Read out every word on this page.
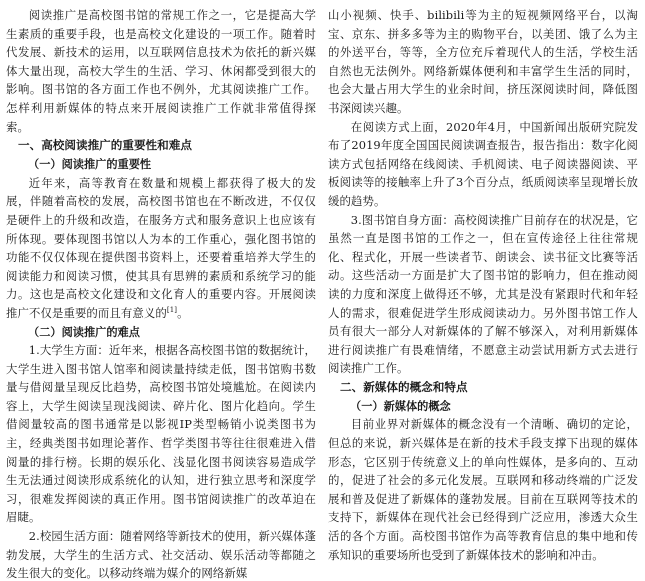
阅读推广是高校图书馆的常规工作之一，它是提高大学生素质的重要手段，也是高校文化建设的一项工作。随着时代发展、新技术的运用，以互联网信息技术为依托的新兴媒体大量出现，高校大学生的生活、学习、休闲都受到很大的影响。图书馆的各方面工作也不例外，尤其阅读推广工作。怎样利用新媒体的特点来开展阅读推广工作就非常值得探索。

一、高校阅读推广的重要性和难点
（一）阅读推广的重要性

近年来，高等教育在数量和规模上都获得了极大的发展，伴随着高校的发展，高校图书馆也在不断改进，不仅仅是硬件上的升级和改造，在服务方式和服务意识上也应该有所体现。要体现图书馆以人为本的工作重心，强化图书馆的功能不仅仅体现在提供图书资料上，还要着重培养大学生的阅读能力和阅读习惯，使其具有思辨的素质和系统学习的能力。这也是高校文化建设和文化育人的重要内容。开展阅读推广不仅是重要的而且有意义的[1]。

（二）阅读推广的难点

1.大学生方面：近年来，根据各高校图书馆的数据统计，大学生进入图书馆人馆率和阅读量持续走低，图书馆购书数量与借阅量呈现反比趋势，高校图书馆处境尴尬。在阅读内容上，大学生阅读呈现浅阅读、碎片化、图片化趋向。学生借阅量较高的图书通常是以影视IP类型畅销小说类图书为主，经典类图书如理论著作、哲学类图书等往往很难进入借阅量的排行榜。长期的娱乐化、浅显化图书阅读容易造成学生无法通过阅读形成系统化的认知，进行独立思考和深度学习，很难发挥阅读的真正作用。图书馆阅读推广的改革迫在眉睫。

2.校园生活方面：随着网络等新技术的使用，新兴媒体蓬勃发展，大学生的生活方式、社交活动、娱乐活动等都随之发生很大的变化。以移动终端为媒介的网络新媒

山小视频、快手、bilibili等为主的短视频网络平台，以淘宝、京东、拼多多等为主的购物平台，以美团、饿了么为主的外送平台，等等，全方位充斥着现代人的生活，学校生活自然也无法例外。网络新媒体便利和丰富学生生活的同时，也会大量占用大学生的业余时间，挤压深阅读时间，降低图书深阅读兴趣。

在阅读方式上面，2020年4月，中国新闻出版研究院发布了2019年度全国国民阅读调查报告，报告指出：数字化阅读方式包括网络在线阅读、手机阅读、电子阅读器阅读、平板阅读等的接触率上升了3个百分点，纸质阅读率呈现增长放缓的趋势。

3.图书馆自身方面：高校阅读推广目前存在的状况是，它虽然一直是图书馆的工作之一，但在宣传途径上往往常规化、程式化，开展一些读者节、朗读会、读书征文比赛等活动。这些活动一方面是扩大了图书馆的影响力，但在推动阅读的力度和深度上做得还不够，尤其是没有紧跟时代和年轻人的需求，很难促进学生形成阅读动力。另外图书馆工作人员有很大一部分人对新媒体的了解不够深入，对利用新媒体进行阅读推广有畏难情绪，不愿意主动尝试用新方式去进行阅读推广工作。

二、新媒体的概念和特点
（一）新媒体的概念

目前业界对新媒体的概念没有一个清晰、确切的定论，但总的来说，新兴媒体是在新的技术手段支撑下出现的媒体形态，它区别于传统意义上的单向性媒体，是多向的、互动的，促进了社会的多元化发展。互联网和移动终端的广泛发展和普及促进了新媒体的蓬勃发展。目前在互联网等技术的支持下，新媒体在现代社会已经得到广泛应用，渗透大众生活的各个方面。高校图书馆作为高等教育信息的集中地和传承知识的重要场所也受到了新媒体技术的影响和冲击。
